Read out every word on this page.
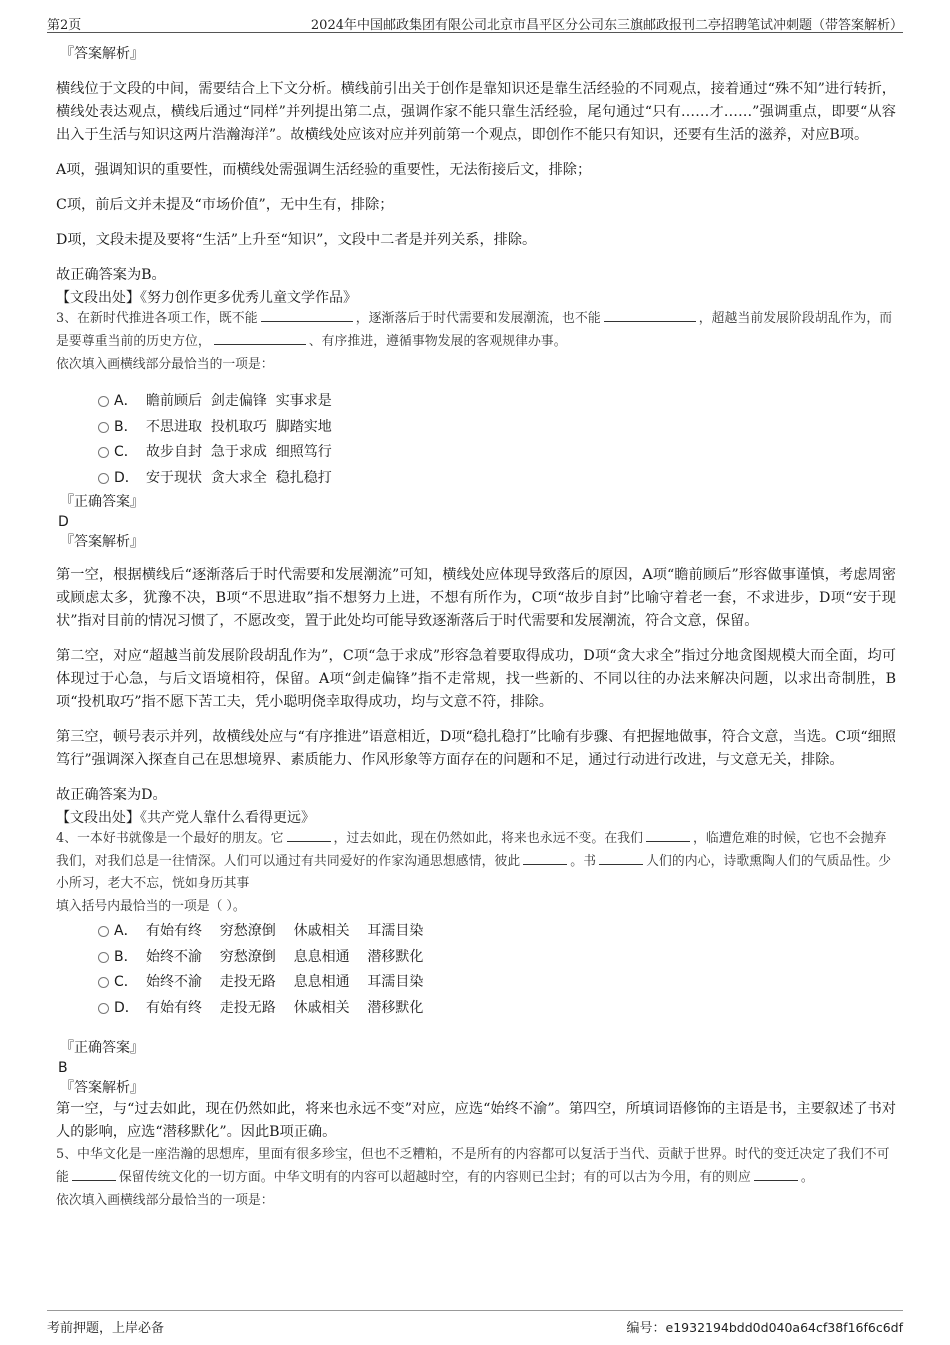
第2页	2024年中国邮政集团有限公司北京市昌平区分公司东三旗邮政报刊二亭招聘笔试冲刺题（带答案解析）

『答案解析』

横线位于文段的中间，需要结合上下文分析。横线前引出关于创作是靠知识还是靠生活经验的不同观点，接着通过“殊不知”进行转折，横线处表达观点，横线后通过“同样”并列提出第二点，强调作家不能只靠生活经验，尾句通过“只有……才……”强调重点，即要“从容出入于生活与知识这两片浩瀚海洋”。故横线处应该对应并列前第一个观点，即创作不能只有知识，还要有生活的滋养，对应B项。

A项，强调知识的重要性，而横线处需强调生活经验的重要性，无法衔接后文，排除；

C项，前后文并未提及“市场价值”，无中生有，排除；

D项，文段未提及要将“生活”上升至“知识”，文段中二者是并列关系，排除。

故正确答案为B。

【文段出处】《努力创作更多优秀儿童文学作品》

3、在新时代推进各项工作，既不能	，逐渐落后于时代需要和发展潮流，也不能	，超越当前发展阶段胡乱作为，而是要尊重当前的历史方位，	、有序推进，遵循事物发展的客观规律办事。

依次填入画横线部分最恰当的一项是：

A． 瞻前顾后  剑走偏锋  实事求是
B． 不思进取  投机取巧  脚踏实地
C． 故步自封  急于求成  细照笃行
D． 安于现状  贪大求全  稳扎稳打

『正确答案』

D

『答案解析』

第一空，根据横线后“逐渐落后于时代需要和发展潮流”可知，横线处应体现导致落后的原因，A项“瞻前顾后”形容做事谨慎，考虑周密或顾虑太多，犹豫不决，B项“不思进取”指不想努力上进，不想有所作为，C项“故步自封”比喻守着老一套，不求进步，D项“安于现状”指对目前的情况习惯了，不愿改变，置于此处均可能导致逐渐落后于时代需要和发展潮流，符合文意，保留。

第二空，对应“超越当前发展阶段胡乱作为”，C项“急于求成”形容急着要取得成功，D项“贪大求全”指过分地贪图规模大而全面，均可体现过于心急，与后文语境相符，保留。A项“剑走偏锋”指不走常规，找一些新的、不同以往的办法来解决问题，以求出奇制胜，B项“投机取巧”指不愿下苦工夫，凭小聪明侥幸取得成功，均与文意不符，排除。

第三空，顿号表示并列，故横线处应与“有序推进”语意相近，D项“稳扎稳打”比喻有步骤、有把握地做事，符合文意，当选。C项“细照笃行”强调深入探查自己在思想境界、素质能力、作风形象等方面存在的问题和不足，通过行动进行改进，与文意无关，排除。

故正确答案为D。

【文段出处】《共产党人靠什么看得更远》

4、一本好书就像是一个最好的朋友。它	，过去如此，现在仍然如此，将来也永远不变。在我们	，临遭危难的时候，它也不会抛弃我们，对我们总是一往情深。人们可以通过有共同爱好的作家沟通思想感情，彼此	。书	人们的内心，诗歌熏陶人们的气质品性。少小所习，老大不忘，恍如身历其事

填入括号内最恰当的一项是（ ）。

A． 有始有终    穷愁潦倒    休戚相关    耳濡目染
B． 始终不渝    穷愁潦倒    息息相通    潜移默化
C． 始终不渝    走投无路    息息相通    耳濡目染
D． 有始有终    走投无路    休戚相关    潜移默化

『正确答案』

B

『答案解析』

第一空，与“过去如此，现在仍然如此，将来也永远不变”对应，应选“始终不渝”。第四空，所填词语修饰的主语是书，主要叙述了书对人的影响，应选“潜移默化”。因此B项正确。

5、中华文化是一座浩瀚的思想库，里面有很多珍宝，但也不乏糟粕，不是所有的内容都可以复活于当代、贡献于世界。时代的变迁决定了我们不可能	保留传统文化的一切方面。中华文明有的内容可以超越时空，有的内容则已尘封；有的可以古为今用，有的则应	。

依次填入画横线部分最恰当的一项是：

考前押题，上岸必备	编号：e1932194bdd0d040a64cf38f16f6c6df
